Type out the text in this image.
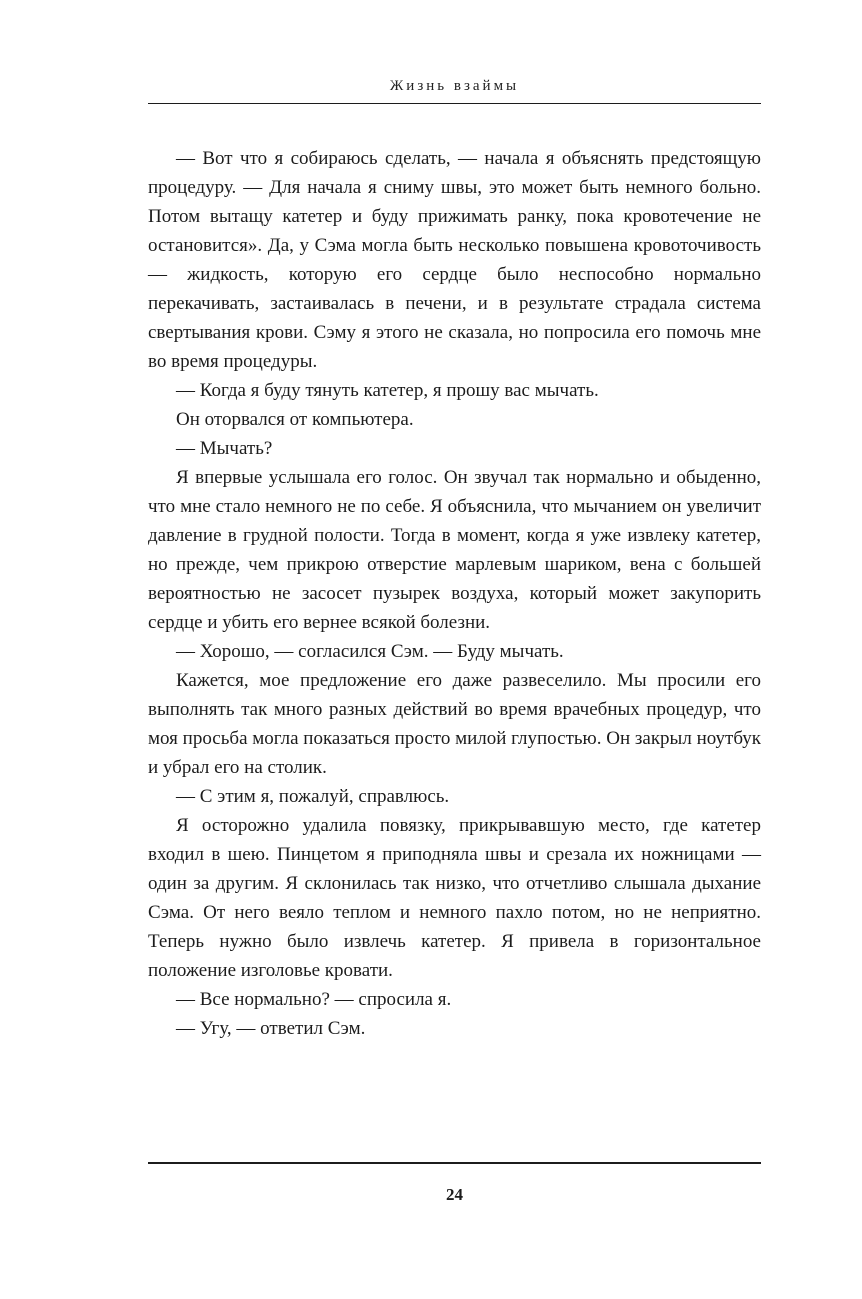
Жизнь взаймы

— Вот что я собираюсь сделать, — начала я объяснять предстоящую процедуру. — Для начала я сниму швы, это может быть немного больно. Потом вытащу катетер и буду прижимать ранку, пока кровотечение не остановится». Да, у Сэма могла быть несколько повышена кровоточивость — жидкость, которую его сердце было неспособно нормально перекачивать, застаивалась в печени, и в результате страдала система свертывания крови. Сэму я этого не сказала, но попросила его помочь мне во время процедуры.

— Когда я буду тянуть катетер, я прошу вас мычать.

Он оторвался от компьютера.

— Мычать?

Я впервые услышала его голос. Он звучал так нормально и обыденно, что мне стало немного не по себе. Я объяснила, что мычанием он увеличит давление в грудной полости. Тогда в момент, когда я уже извлеку катетер, но прежде, чем прикрою отверстие марлевым шариком, вена с большей вероятностью не засосет пузырек воздуха, который может закупорить сердце и убить его вернее всякой болезни.

— Хорошо, — согласился Сэм. — Буду мычать.

Кажется, мое предложение его даже развеселило. Мы просили его выполнять так много разных действий во время врачебных процедур, что моя просьба могла показаться просто милой глупостью. Он закрыл ноутбук и убрал его на столик.

— С этим я, пожалуй, справлюсь.

Я осторожно удалила повязку, прикрывавшую место, где катетер входил в шею. Пинцетом я приподняла швы и срезала их ножницами — один за другим. Я склонилась так низко, что отчетливо слышала дыхание Сэма. От него веяло теплом и немного пахло потом, но не неприятно. Теперь нужно было извлечь катетер. Я привела в горизонтальное положение изголовье кровати.

— Все нормально? — спросила я.

— Угу, — ответил Сэм.

24
